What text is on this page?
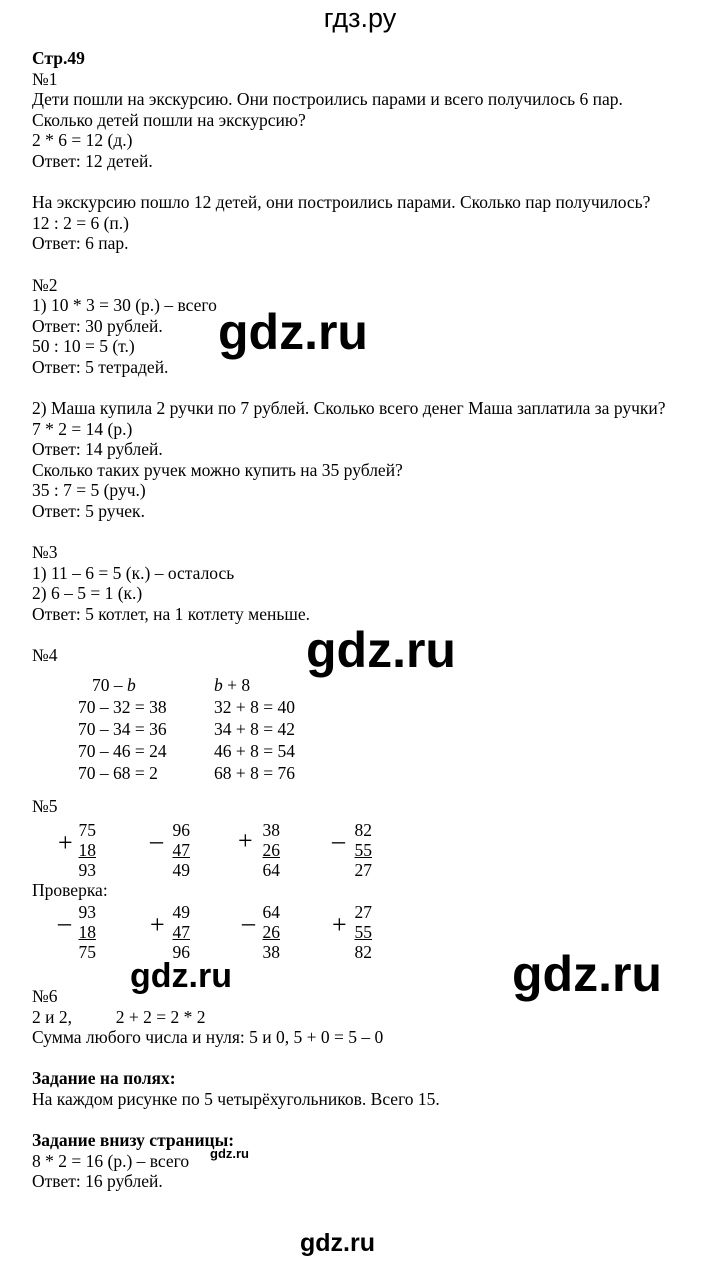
гдз.ру
Стр.49
№1
Дети пошли на экскурсию. Они построились парами и всего получилось 6 пар.
Сколько детей пошли на экскурсию?
2 * 6 = 12 (д.)
Ответ: 12 детей.
На экскурсию пошло 12 детей, они построились парами. Сколько пар получилось?
12 : 2 = 6 (п.)
Ответ: 6 пар.
№2
1) 10 * 3 = 30 (р.) – всего
Ответ: 30 рублей.
50 : 10 = 5 (т.)
Ответ: 5 тетрадей.
2) Маша купила 2 ручки по 7 рублей. Сколько всего денег Маша заплатила за ручки?
7 * 2 = 14 (р.)
Ответ: 14 рублей.
Сколько таких ручек можно купить на 35 рублей?
35 : 7 = 5 (руч.)
Ответ: 5 ручек.
№3
1) 11 – 6 = 5 (к.) – осталось
2) 6 – 5 = 1 (к.)
Ответ: 5 котлет, на 1 котлету меньше.
№4
70 – b	b + 8
70 – 32 = 38	32 + 8 = 40
70 – 34 = 36	34 + 8 = 42
70 – 46 = 24	46 + 8 = 54
70 – 68 = 2	68 + 8 = 76
№5
+ 75
18
93
– 96
47
49
+ 38
26
64
– 82
55
27
Проверка:
– 93
18
75
+ 49
47
96
– 64
26
38
+ 27
55
82
№6
2 и 2,          2 + 2 = 2 * 2
Сумма любого числа и нуля: 5 и 0, 5 + 0 = 5 – 0
Задание на полях:
На каждом рисунке по 5 четырёхугольников. Всего 15.
Задание внизу страницы:
8 * 2 = 16 (р.) – всего
Ответ: 16 рублей.
gdz.ru
gdz.ru
gdz.ru	gdz.ru
gdz.ru
gdz.ru
